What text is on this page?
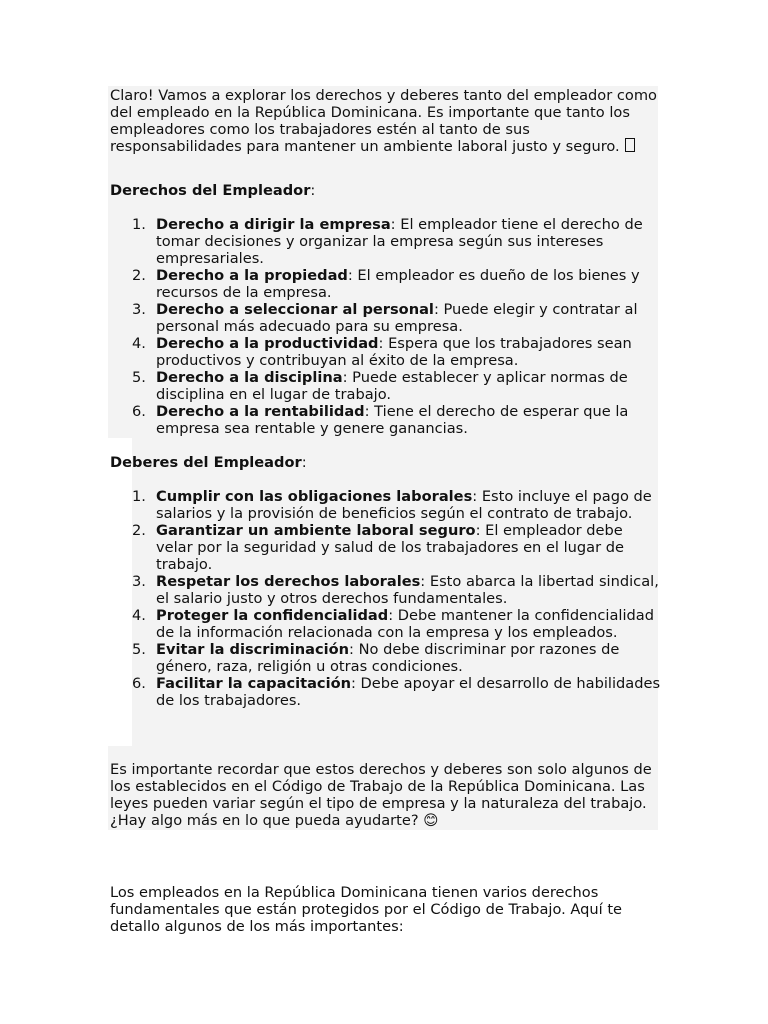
Claro! Vamos a explorar los derechos y deberes tanto del empleador como del empleado en la República Dominicana. Es importante que tanto los empleadores como los trabajadores estén al tanto de sus responsabilidades para mantener un ambiente laboral justo y seguro.

Derechos del Empleador:
1. Derecho a dirigir la empresa: El empleador tiene el derecho de tomar decisiones y organizar la empresa según sus intereses empresariales.
2. Derecho a la propiedad: El empleador es dueño de los bienes y recursos de la empresa.
3. Derecho a seleccionar al personal: Puede elegir y contratar al personal más adecuado para su empresa.
4. Derecho a la productividad: Espera que los trabajadores sean productivos y contribuyan al éxito de la empresa.
5. Derecho a la disciplina: Puede establecer y aplicar normas de disciplina en el lugar de trabajo.
6. Derecho a la rentabilidad: Tiene el derecho de esperar que la empresa sea rentable y genere ganancias.
Deberes del Empleador:
1. Cumplir con las obligaciones laborales: Esto incluye el pago de salarios y la provisión de beneficios según el contrato de trabajo.
2. Garantizar un ambiente laboral seguro: El empleador debe velar por la seguridad y salud de los trabajadores en el lugar de trabajo.
3. Respetar los derechos laborales: Esto abarca la libertad sindical, el salario justo y otros derechos fundamentales.
4. Proteger la confidencialidad: Debe mantener la confidencialidad de la información relacionada con la empresa y los empleados.
5. Evitar la discriminación: No debe discriminar por razones de género, raza, religión u otras condiciones.
6. Facilitar la capacitación: Debe apoyar el desarrollo de habilidades de los trabajadores.

Es importante recordar que estos derechos y deberes son solo algunos de los establecidos en el Código de Trabajo de la República Dominicana. Las leyes pueden variar según el tipo de empresa y la naturaleza del trabajo. ¿Hay algo más en lo que pueda ayudarte? 😊

Los empleados en la República Dominicana tienen varios derechos fundamentales que están protegidos por el Código de Trabajo. Aquí te detallo algunos de los más importantes:
